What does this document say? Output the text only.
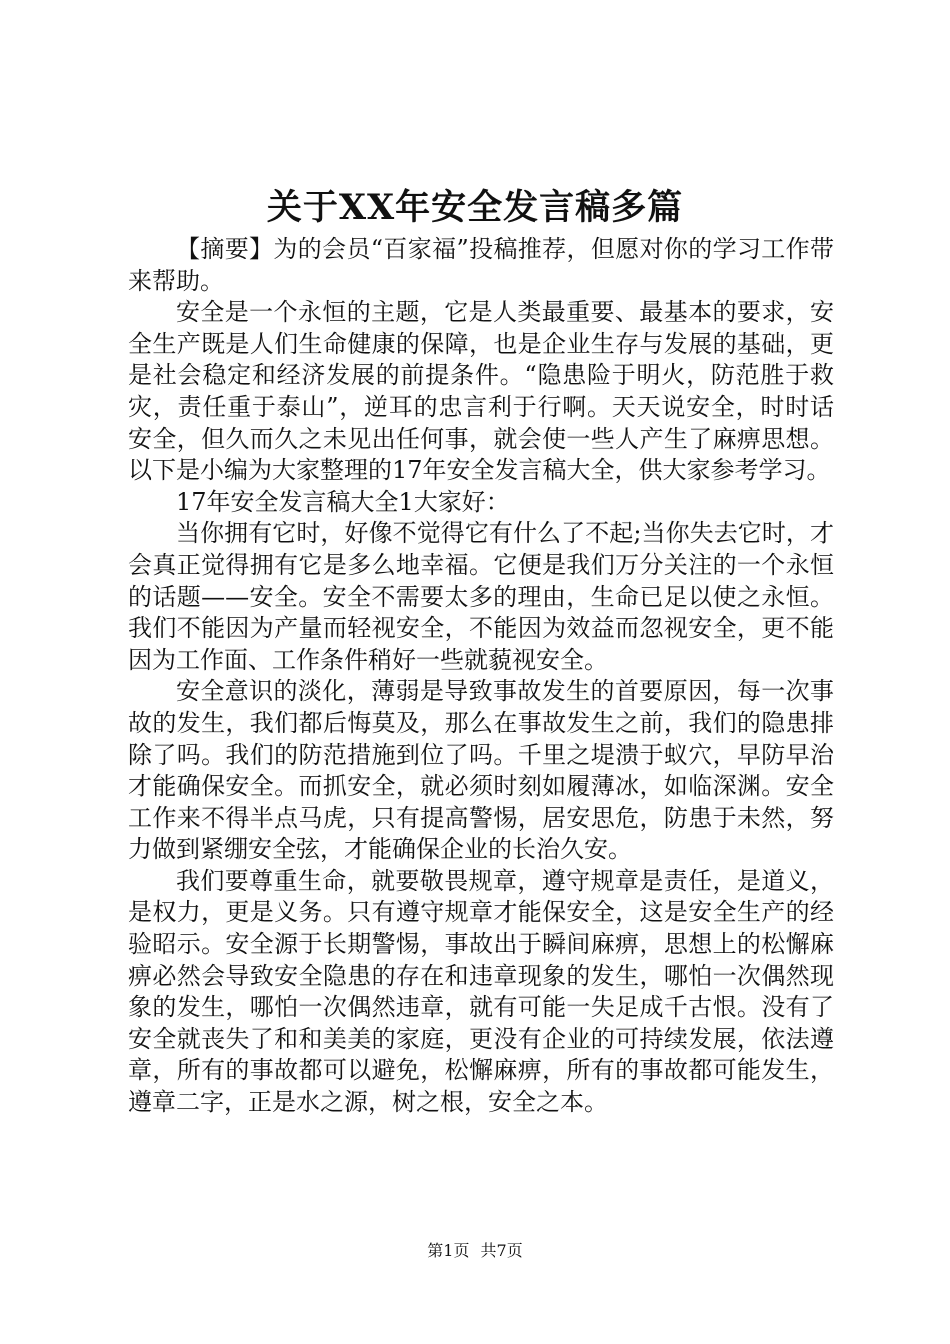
关于XX年安全发言稿多篇

【摘要】为的会员“百家福”投稿推荐，但愿对你的学习工作带来帮助。

安全是一个永恒的主题，它是人类最重要、最基本的要求，安全生产既是人们生命健康的保障，也是企业生存与发展的基础，更是社会稳定和经济发展的前提条件。“隐患险于明火，防范胜于救灾，责任重于泰山”，逆耳的忠言利于行啊。天天说安全，时时话安全，但久而久之未见出任何事，就会使一些人产生了麻痹思想。以下是小编为大家整理的17年安全发言稿大全，供大家参考学习。

17年安全发言稿大全1大家好：

当你拥有它时，好像不觉得它有什么了不起;当你失去它时，才会真正觉得拥有它是多么地幸福。它便是我们万分关注的一个永恒的话题——安全。安全不需要太多的理由，生命已足以使之永恒。我们不能因为产量而轻视安全，不能因为效益而忽视安全，更不能因为工作面、工作条件稍好一些就藐视安全。

安全意识的淡化，薄弱是导致事故发生的首要原因，每一次事故的发生，我们都后悔莫及，那么在事故发生之前，我们的隐患排除了吗。我们的防范措施到位了吗。千里之堤溃于蚁穴，早防早治才能确保安全。而抓安全，就必须时刻如履薄冰，如临深渊。安全工作来不得半点马虎，只有提高警惕，居安思危，防患于未然，努力做到紧绷安全弦，才能确保企业的长治久安。

我们要尊重生命，就要敬畏规章，遵守规章是责任，是道义，是权力，更是义务。只有遵守规章才能保安全，这是安全生产的经验昭示。安全源于长期警惕，事故出于瞬间麻痹，思想上的松懈麻痹必然会导致安全隐患的存在和违章现象的发生，哪怕一次偶然现象的发生，哪怕一次偶然违章，就有可能一失足成千古恨。没有了安全就丧失了和和美美的家庭，更没有企业的可持续发展，依法遵章，所有的事故都可以避免，松懈麻痹，所有的事故都可能发生，遵章二字，正是水之源，树之根，安全之本。

第1页 共7页
